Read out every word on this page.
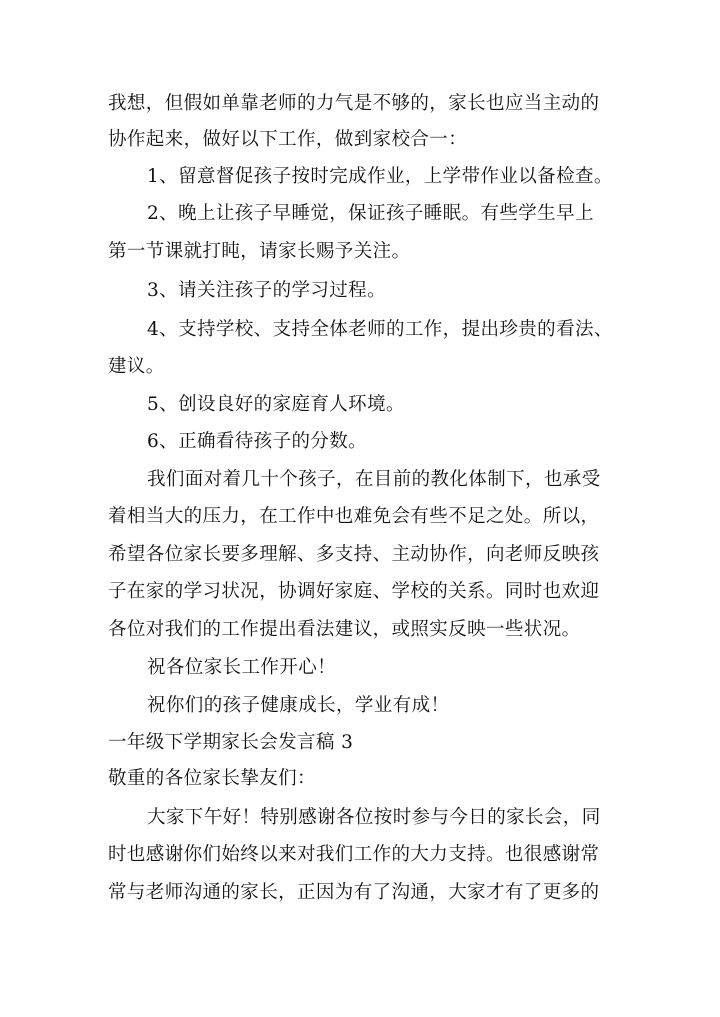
我想，但假如单靠老师的力气是不够的，家长也应当主动的
协作起来，做好以下工作，做到家校合一：
1、留意督促孩子按时完成作业，上学带作业以备检查。
2、晚上让孩子早睡觉，保证孩子睡眠。有些学生早上
第一节课就打盹，请家长赐予关注。
3、请关注孩子的学习过程。
4、支持学校、支持全体老师的工作，提出珍贵的看法、
建议。
5、创设良好的家庭育人环境。
6、正确看待孩子的分数。
我们面对着几十个孩子，在目前的教化体制下，也承受
着相当大的压力，在工作中也难免会有些不足之处。所以，
希望各位家长要多理解、多支持、主动协作，向老师反映孩
子在家的学习状况，协调好家庭、学校的关系。同时也欢迎
各位对我们的工作提出看法建议，或照实反映一些状况。
祝各位家长工作开心！
祝你们的孩子健康成长，学业有成！
一年级下学期家长会发言稿 3
敬重的各位家长挚友们：
大家下午好！特别感谢各位按时参与今日的家长会，同
时也感谢你们始终以来对我们工作的大力支持。也很感谢常
常与老师沟通的家长，正因为有了沟通，大家才有了更多的
